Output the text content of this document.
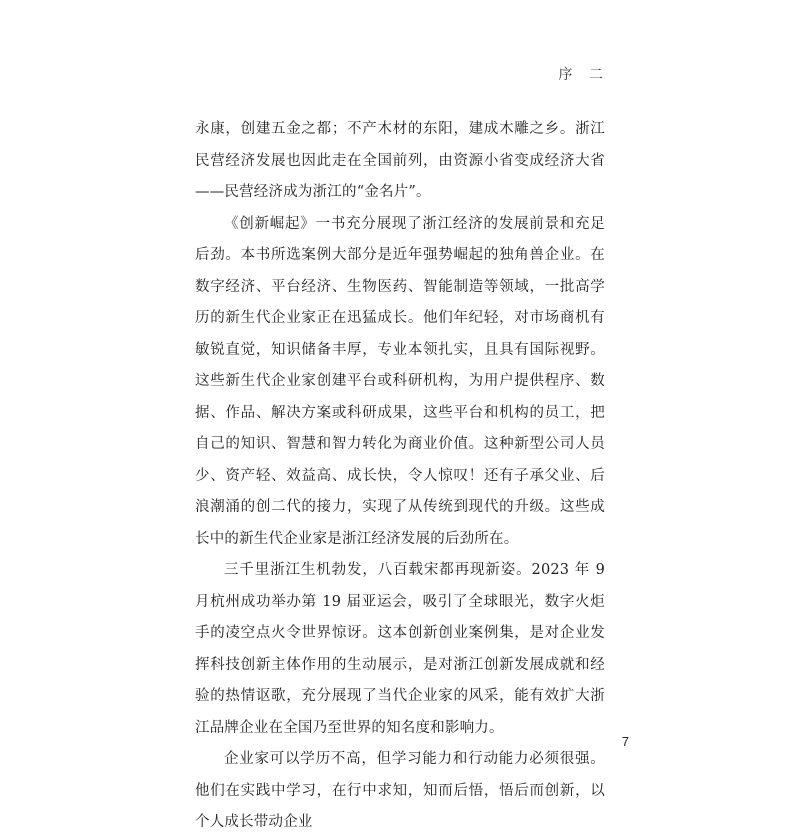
序 二

永康，创建五金之都；不产木材的东阳，建成木雕之乡。浙江民营经济发展也因此走在全国前列，由资源小省变成经济大省——民营经济成为浙江的“金名片”。

《创新崛起》一书充分展现了浙江经济的发展前景和充足后劲。本书所选案例大部分是近年强势崛起的独角兽企业。在数字经济、平台经济、生物医药、智能制造等领域，一批高学历的新生代企业家正在迅猛成长。他们年纪轻，对市场商机有敏锐直觉，知识储备丰厚，专业本领扎实，且具有国际视野。这些新生代企业家创建平台或科研机构，为用户提供程序、数据、作品、解决方案或科研成果，这些平台和机构的员工，把自己的知识、智慧和智力转化为商业价值。这种新型公司人员少、资产轻、效益高、成长快，令人惊叹！还有子承父业、后浪潮涌的创二代的接力，实现了从传统到现代的升级。这些成长中的新生代企业家是浙江经济发展的后劲所在。

三千里浙江生机勃发，八百载宋都再现新姿。2023 年 9 月杭州成功举办第 19 届亚运会，吸引了全球眼光，数字火炬手的凌空点火令世界惊讶。这本创新创业案例集，是对企业发挥科技创新主体作用的生动展示，是对浙江创新发展成就和经验的热情讴歌，充分展现了当代企业家的风采，能有效扩大浙江品牌企业在全国乃至世界的知名度和影响力。

企业家可以学历不高，但学习能力和行动能力必须很强。他们在实践中学习，在行中求知，知而后悟，悟后而创新，以个人成长带动企业

7
